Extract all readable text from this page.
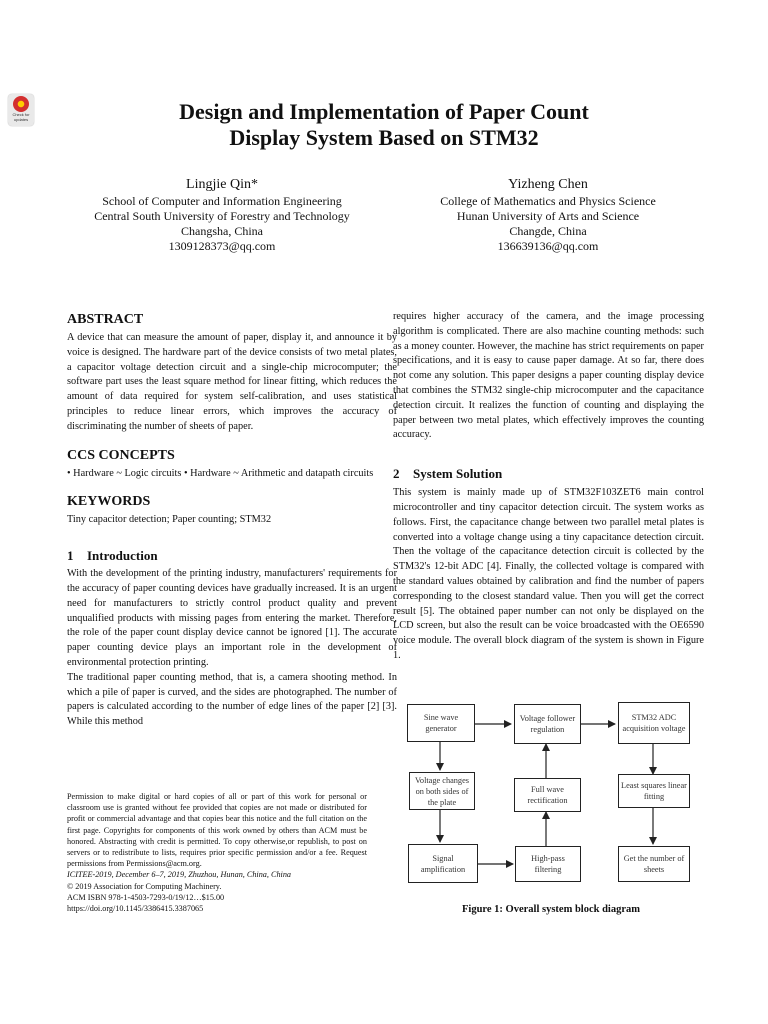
Check for
updates	Design and Implementation of Paper Count
Display System Based on STM32
Lingjie Qin*
School of Computer and Information Engineering
Central South University of Forestry and Technology
Changsha, China
1309128373@qq.com
Yizheng Chen
College of Mathematics and Physics Science
Hunan University of Arts and Science
Changde, China
136639136@qq.com
ABSTRACT

A device that can measure the amount of paper, display it, and announce it by voice is designed. The hardware part of the device consists of two metal plates, a capacitor voltage detection circuit and a single-chip microcomputer; the software part uses the least square method for linear fitting, which reduces the amount of data required for system self-calibration, and uses statistical principles to reduce linear errors, which improves the accuracy of discriminating the number of sheets of paper.

CCS CONCEPTS

• Hardware ~ Logic circuits • Hardware ~ Arithmetic and datapath circuits

KEYWORDS

Tiny capacitor detection; Paper counting; STM32

1 Introduction

With the development of the printing industry, manufacturers' requirements for the accuracy of paper counting devices have gradually increased. It is an urgent need for manufacturers to strictly control product quality and prevent unqualified products with missing pages from entering the market. Therefore, the role of the paper count display device cannot be ignored [1]. The accurate paper counting device plays an important role in the development of environmental protection printing.

The traditional paper counting method, that is, a camera shooting method. In which a pile of paper is curved, and the sides are photographed. The number of papers is calculated according to the number of edge lines of the paper [2] [3]. While this method

Permission to make digital or hard copies of all or part of this work for personal or classroom use is granted without fee provided that copies are not made or distributed for profit or commercial advantage and that copies bear this notice and the full citation on the first page. Copyrights for components of this work owned by others than ACM must be honored. Abstracting with credit is permitted. To copy otherwise,or republish, to post on servers or to redistribute to lists, requires prior specific permission and/or a fee. Request permissions from Permissions@acm.org.
ICITEE-2019, December 6–7, 2019, Zhuzhou, Hunan, China, China
© 2019 Association for Computing Machinery.
ACM ISBN 978-1-4503-7293-0/19/12…$15.00
https://doi.org/10.1145/3386415.3387065

requires higher accuracy of the camera, and the image processing algorithm is complicated. There are also machine counting methods: such as a money counter. However, the machine has strict requirements on paper specifications, and it is easy to cause paper damage. At so far, there does not come any solution. This paper designs a paper counting display device that combines the STM32 single-chip microcomputer and the capacitance detection circuit. It realizes the function of counting and displaying the paper between two metal plates, which effectively improves the counting accuracy.

2 System Solution

This system is mainly made up of STM32F103ZET6 main control microcontroller and tiny capacitor detection circuit. The system works as follows. First, the capacitance change between two parallel metal plates is converted into a voltage change using a tiny capacitance detection circuit. Then the voltage of the capacitance detection circuit is collected by the STM32's 12-bit ADC [4]. Finally, the collected voltage is compared with the standard values obtained by calibration and find the number of papers corresponding to the closest standard value. Then you will get the correct result [5]. The obtained paper number can not only be displayed on the LCD screen, but also the result can be voice broadcasted with the OE6590 voice module. The overall block diagram of the system is shown in Figure 1.

Sine wave generator
Voltage follower regulation
STM32 ADC acquisition voltage
Voltage changes on both sides of the plate
Full wave rectification
Least squares linear fitting
Signal amplification
High-pass filtering
Get the number of sheets
Figure 1: Overall system block diagram
